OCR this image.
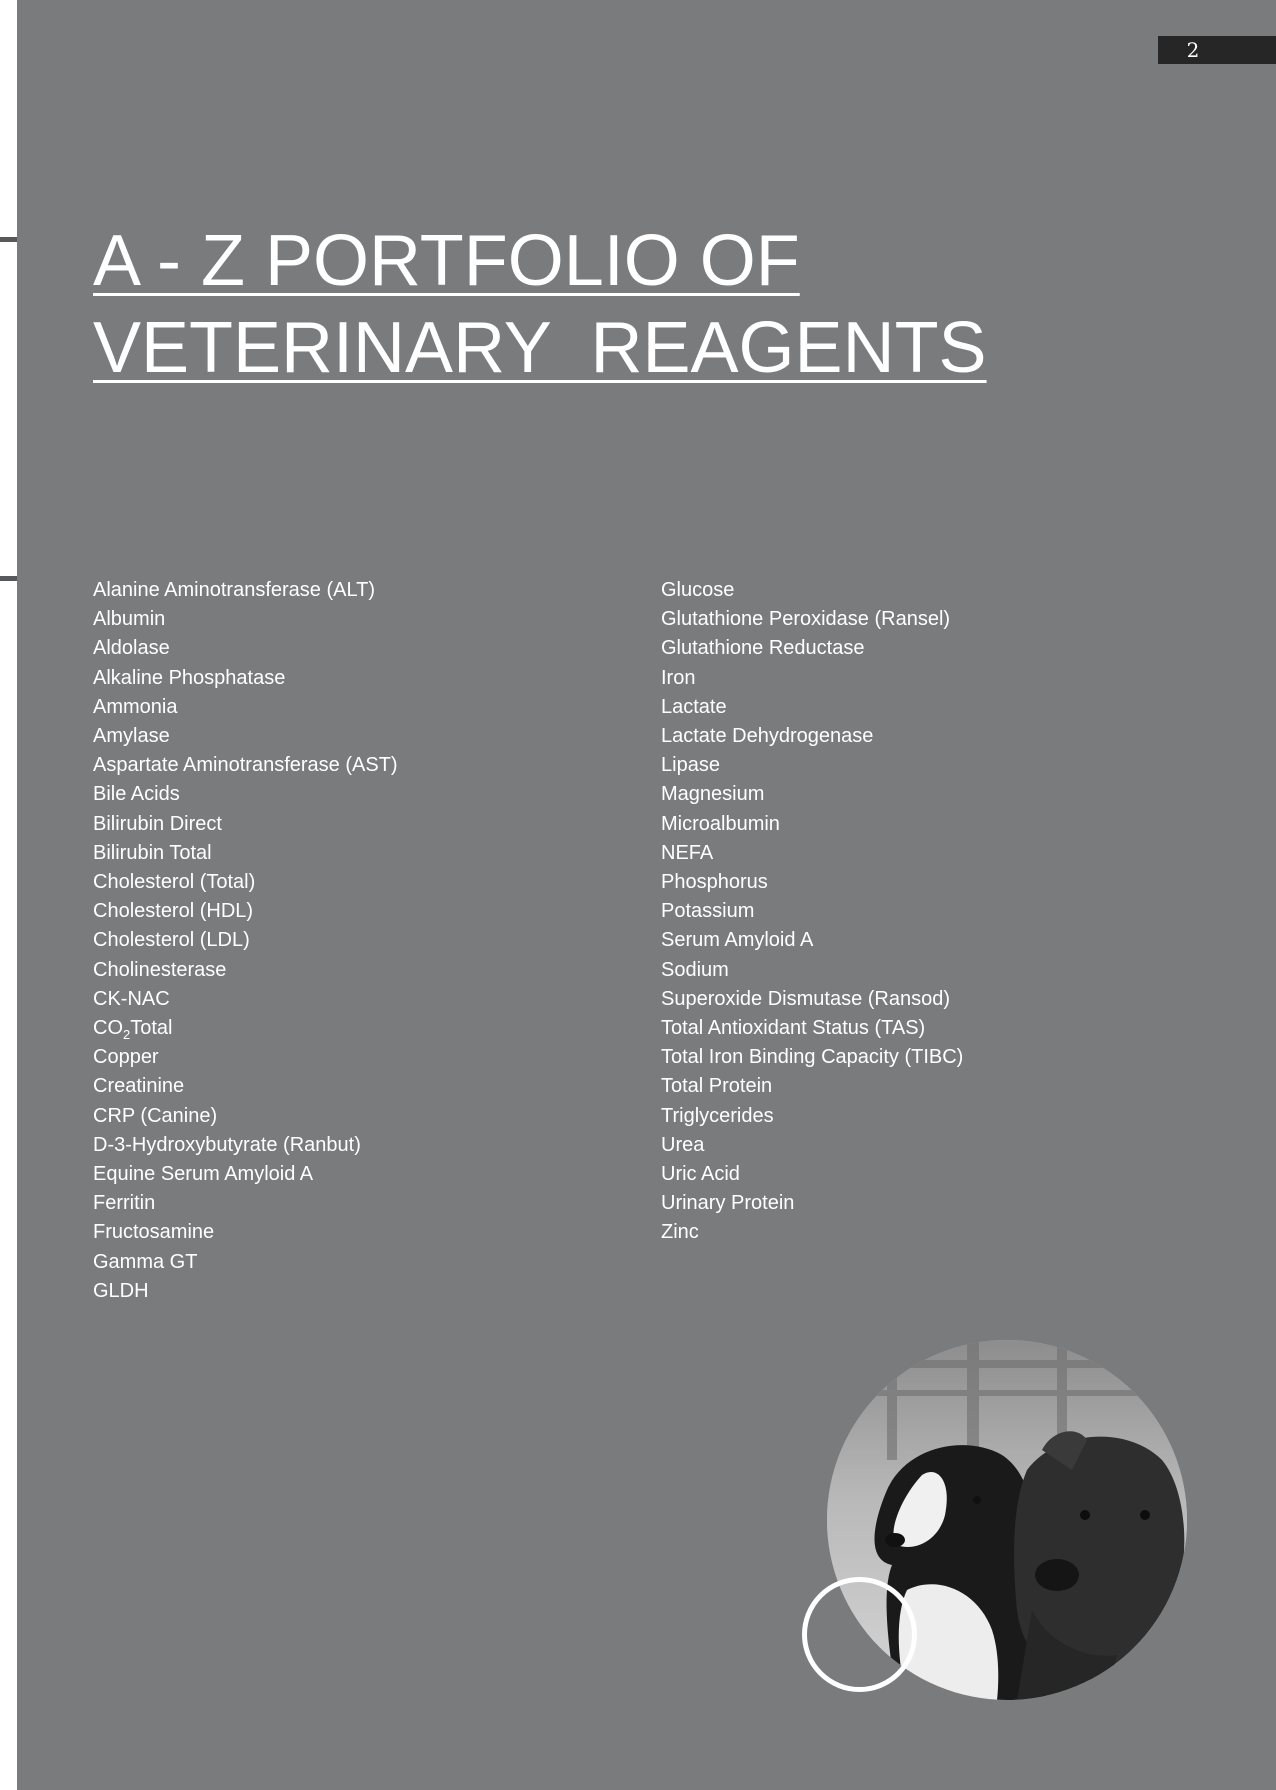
2
A - Z PORTFOLIO OF
VETERINARY  REAGENTS
Alanine Aminotransferase (ALT)
Albumin
Aldolase
Alkaline Phosphatase
Ammonia
Amylase
Aspartate Aminotransferase (AST)
Bile Acids
Bilirubin Direct
Bilirubin Total
Cholesterol (Total)
Cholesterol (HDL)
Cholesterol (LDL)
Cholinesterase
CK-NAC
$CO_2Total$
Copper
Creatinine
CRP (Canine)
D-3-Hydroxybutyrate (Ranbut)
Equine Serum Amyloid A
Ferritin
Fructosamine
Gamma GT
GLDH
Glucose
Glutathione Peroxidase (Ransel)
Glutathione Reductase
Iron
Lactate
Lactate Dehydrogenase
Lipase
Magnesium
Microalbumin
NEFA
Phosphorus
Potassium
Serum Amyloid A
Sodium
Superoxide Dismutase (Ransod)
Total Antioxidant Status (TAS)
Total Iron Binding Capacity (TIBC)
Total Protein
Triglycerides
Urea
Uric Acid
Urinary Protein
Zinc
